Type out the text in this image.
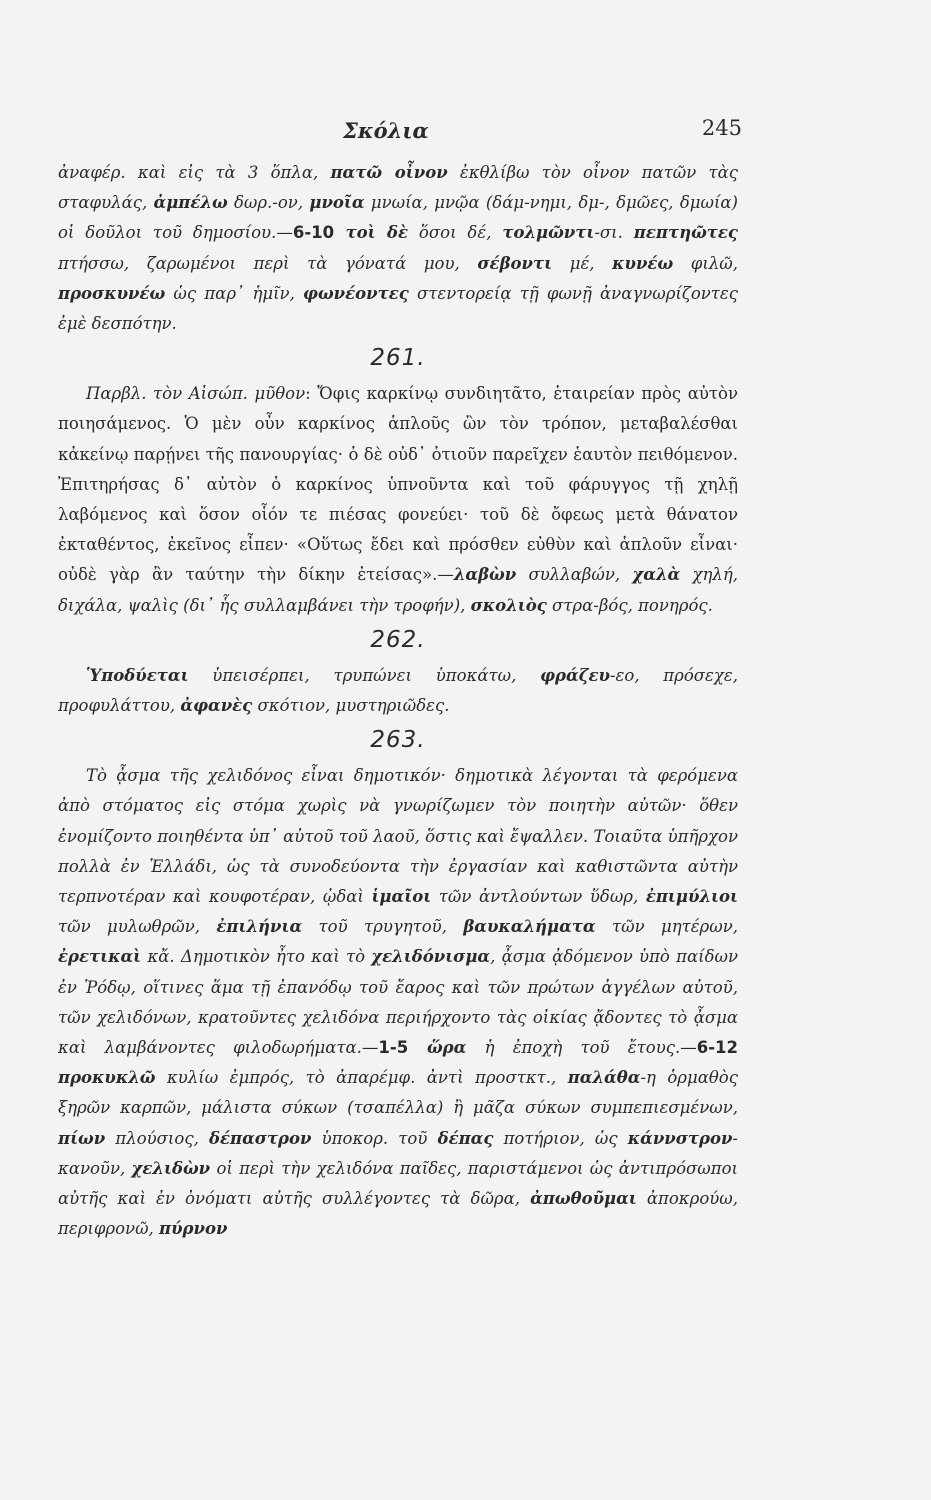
Σκόλια	245

ἀναφέρ. καὶ εἰς τὰ 3 ὅπλα, πατῶ οἶνον ἐκθλίβω τὸν οἶνον πατῶν τὰς σταφυλάς, ἀμπέλω δωρ.-ον, μνοῖα μνωία, μνῷα (δάμ-νημι, δμ-, δμῶες, δμωία) οἱ δοῦλοι τοῦ δημοσίου.—6-10 τοὶ δὲ ὅσοι δέ, τολμῶντι-σι. πεπτηῶτες πτήσσω, ζαρωμένοι περὶ τὰ γόνατά μου, σέβοντι μέ, κυνέω φιλῶ, προσκυνέω ὡς παρ᾽ ἡμῖν, φωνέοντες στεντορείᾳ τῇ φωνῇ ἀναγνωρίζοντες ἐμὲ δεσπότην.

261.

Παρβλ. τὸν Αἰσώπ. μῦθον: Ὄφις καρκίνῳ συνδιητᾶτο, ἑταιρείαν πρὸς αὐτὸν ποιησάμενος. Ὁ μὲν οὖν καρκίνος ἁπλοῦς ὢν τὸν τρόπον, μεταβαλέσθαι κἀκείνῳ παρῄνει τῆς πανουργίας· ὁ δὲ οὐδ᾽ ὁτιοῦν παρεῖχεν ἑαυτὸν πειθόμενον. Ἐπιτηρήσας δ᾽ αὐτὸν ὁ καρκίνος ὑπνοῦντα καὶ τοῦ φάρυγγος τῇ χηλῇ λαβόμενος καὶ ὅσον οἷόν τε πιέσας φονεύει· τοῦ δὲ ὄφεως μετὰ θάνατον ἐκταθέντος, ἐκεῖνος εἶπεν· «Οὕτως ἔδει καὶ πρόσθεν εὐθὺν καὶ ἁπλοῦν εἶναι· οὐδὲ γὰρ ἂν ταύτην τὴν δίκην ἐτείσας».—λαβὼν συλλαβών, χαλὰ χηλή, διχάλα, ψαλὶς (δι᾽ ἧς συλλαμβάνει τὴν τροφήν), σκολιὸς στρα-βός, πονηρός.

262.

Ὑποδύεται ὑπεισέρπει, τρυπώνει ὑποκάτω, φράζευ-εο, πρόσεχε, προφυλάττου, ἀφανὲς σκότιον, μυστηριῶδες.

263.

Τὸ ᾆσμα τῆς χελιδόνος εἶναι δημοτικόν· δημοτικὰ λέγονται τὰ φερόμενα ἀπὸ στόματος εἰς στόμα χωρὶς νὰ γνωρίζωμεν τὸν ποιητὴν αὐτῶν· ὅθεν ἐνομίζοντο ποιηθέντα ὑπ᾽ αὐτοῦ τοῦ λαοῦ, ὅστις καὶ ἔψαλλεν. Τοιαῦτα ὑπῆρχον πολλὰ ἐν Ἑλλάδι, ὡς τὰ συνοδεύοντα τὴν ἐργασίαν καὶ καθιστῶντα αὐτὴν τερπνοτέραν καὶ κουφοτέραν, ᾠδαὶ ἱμαῖοι τῶν ἀντλούντων ὕδωρ, ἐπιμύλιοι τῶν μυλωθρῶν, ἐπιλήνια τοῦ τρυγητοῦ, βαυκαλήματα τῶν μητέρων, ἐρετικαὶ κἄ. Δημοτικὸν ἦτο καὶ τὸ χελιδόνισμα, ᾆσμα ᾀδόμενον ὑπὸ παίδων ἐν Ῥόδῳ, οἵτινες ἅμα τῇ ἐπανόδῳ τοῦ ἔαρος καὶ τῶν πρώτων ἀγγέλων αὐτοῦ, τῶν χελιδόνων, κρατοῦντες χελιδόνα περιήρχοντο τὰς οἰκίας ᾄδοντες τὸ ᾆσμα καὶ λαμβάνοντες φιλοδωρήματα.—1-5 ὥρα ἡ ἐποχὴ τοῦ ἔτους.—6-12 προκυκλῶ κυλίω ἐμπρός, τὸ ἀπαρέμφ. ἀντὶ προστκτ., παλάθα-η ὁρμαθὸς ξηρῶν καρπῶν, μάλιστα σύκων (τσαπέλλα) ἢ μᾶζα σύκων συμπεπιεσμένων, πίων πλούσιος, δέπαστρον ὑποκορ. τοῦ δέπας ποτήριον, ὡς κάννστρον-κανοῦν, χελιδὼν οἱ περὶ τὴν χελιδόνα παῖδες, παριστάμενοι ὡς ἀντιπρόσωποι αὐτῆς καὶ ἐν ὀνόματι αὐτῆς συλλέγοντες τὰ δῶρα, ἀπωθοῦμαι ἀποκρούω, περιφρονῶ, πύρνον
